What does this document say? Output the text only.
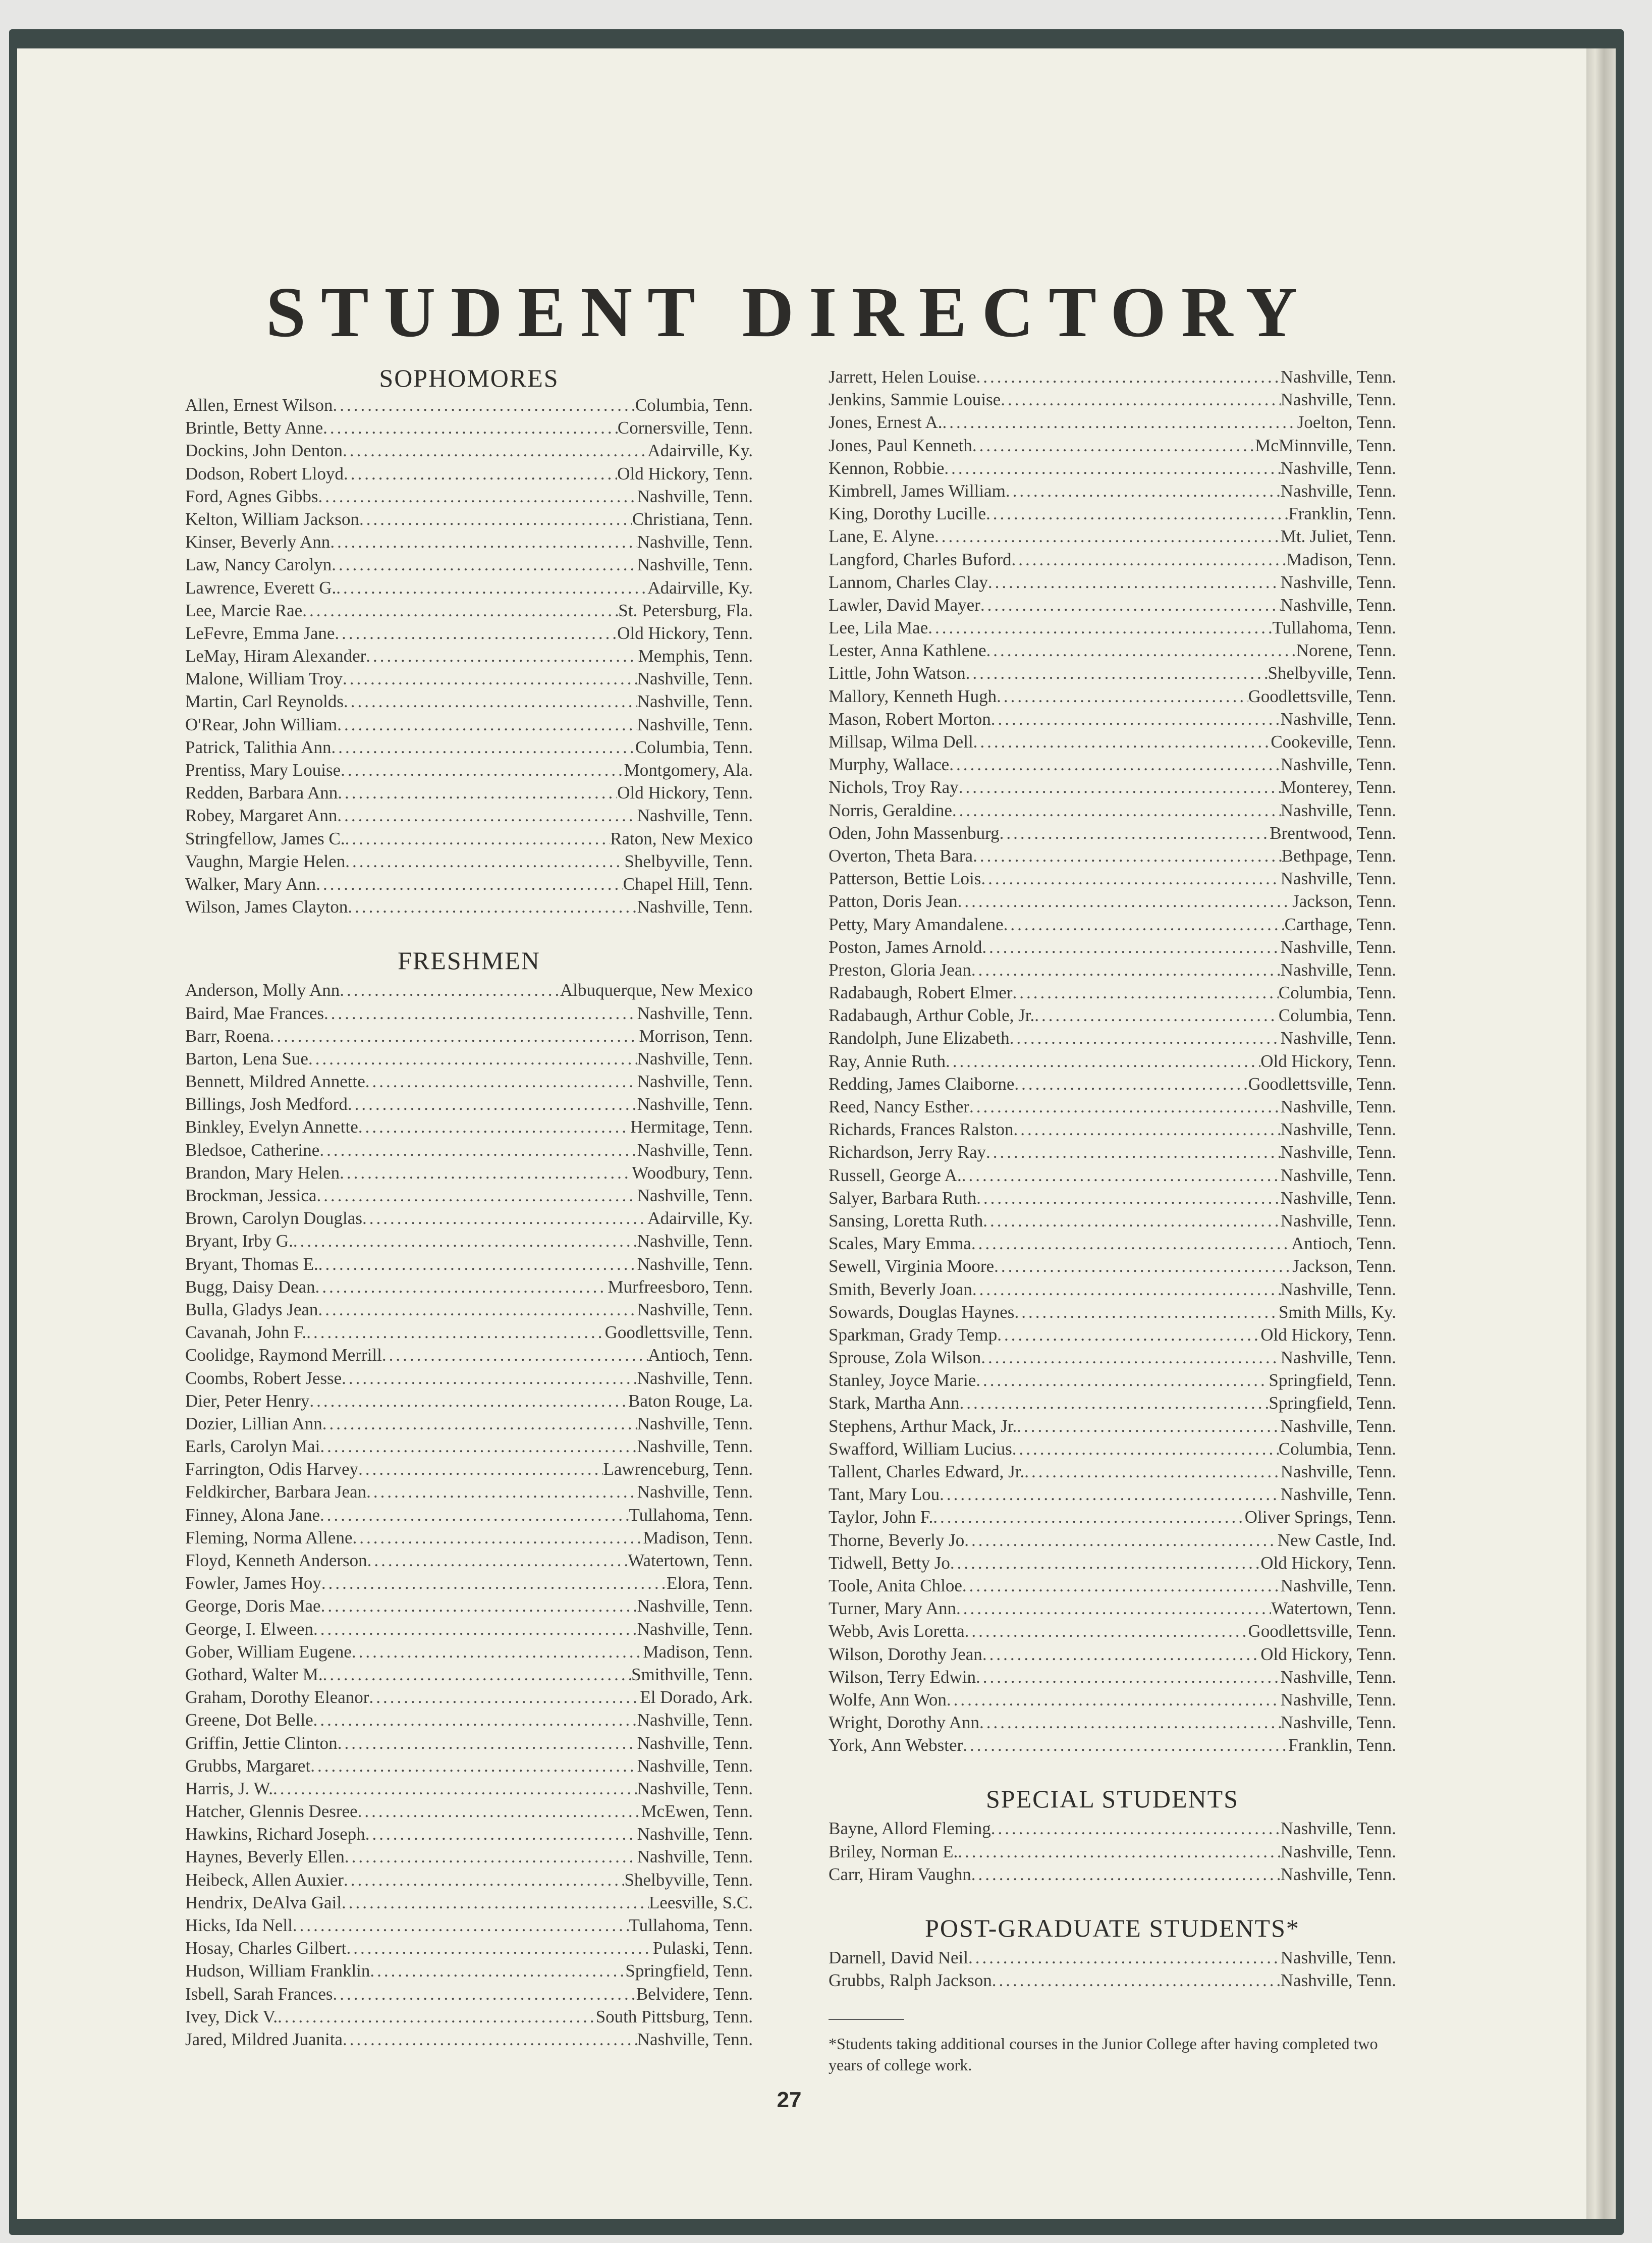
STUDENT DIRECTORY
SOPHOMORES
Allen, Ernest Wilson .....	Columbia, Tenn.
Brintle, Betty Anne .....	Cornersville, Tenn.
Dockins, John Denton .....	Adairville, Ky.
Dodson, Robert Lloyd .....	Old Hickory, Tenn.
Ford, Agnes Gibbs .....	Nashville, Tenn.
Kelton, William Jackson .....	Christiana, Tenn.
Kinser, Beverly Ann .....	Nashville, Tenn.
Law, Nancy Carolyn .....	Nashville, Tenn.
Lawrence, Everett G. .....	Adairville, Ky.
Lee, Marcie Rae .....	St. Petersburg, Fla.
LeFevre, Emma Jane .....	Old Hickory, Tenn.
LeMay, Hiram Alexander .....	Memphis, Tenn.
Malone, William Troy .....	Nashville, Tenn.
Martin, Carl Reynolds .....	Nashville, Tenn.
O'Rear, John William .....	Nashville, Tenn.
Patrick, Talithia Ann .....	Columbia, Tenn.
Prentiss, Mary Louise .....	Montgomery, Ala.
Redden, Barbara Ann .....	Old Hickory, Tenn.
Robey, Margaret Ann .....	Nashville, Tenn.
Stringfellow, James C. .....	Raton, New Mexico
Vaughn, Margie Helen .....	Shelbyville, Tenn.
Walker, Mary Ann .....	Chapel Hill, Tenn.
Wilson, James Clayton .....	Nashville, Tenn.
FRESHMEN
Anderson, Molly Ann .....	Albuquerque, New Mexico
Baird, Mae Frances .....	Nashville, Tenn.
Barr, Roena .....	Morrison, Tenn.
Barton, Lena Sue .....	Nashville, Tenn.
Bennett, Mildred Annette .....	Nashville, Tenn.
Billings, Josh Medford .....	Nashville, Tenn.
Binkley, Evelyn Annette .....	Hermitage, Tenn.
Bledsoe, Catherine .....	Nashville, Tenn.
Brandon, Mary Helen .....	Woodbury, Tenn.
Brockman, Jessica .....	Nashville, Tenn.
Brown, Carolyn Douglas .....	Adairville, Ky.
Bryant, Irby G. .....	Nashville, Tenn.
Bryant, Thomas E. .....	Nashville, Tenn.
Bugg, Daisy Dean .....	Murfreesboro, Tenn.
Bulla, Gladys Jean .....	Nashville, Tenn.
Cavanah, John F. .....	Goodlettsville, Tenn.
Coolidge, Raymond Merrill .....	Antioch, Tenn.
Coombs, Robert Jesse .....	Nashville, Tenn.
Dier, Peter Henry .....	Baton Rouge, La.
Dozier, Lillian Ann .....	Nashville, Tenn.
Earls, Carolyn Mai .....	Nashville, Tenn.
Farrington, Odis Harvey .....	Lawrenceburg, Tenn.
Feldkircher, Barbara Jean .....	Nashville, Tenn.
Finney, Alona Jane .....	Tullahoma, Tenn.
Fleming, Norma Allene .....	Madison, Tenn.
Floyd, Kenneth Anderson .....	Watertown, Tenn.
Fowler, James Hoy .....	Elora, Tenn.
George, Doris Mae .....	Nashville, Tenn.
George, I. Elween .....	Nashville, Tenn.
Gober, William Eugene .....	Madison, Tenn.
Gothard, Walter M. .....	Smithville, Tenn.
Graham, Dorothy Eleanor .....	El Dorado, Ark.
Greene, Dot Belle .....	Nashville, Tenn.
Griffin, Jettie Clinton .....	Nashville, Tenn.
Grubbs, Margaret .....	Nashville, Tenn.
Harris, J. W. .....	Nashville, Tenn.
Hatcher, Glennis Desree .....	McEwen, Tenn.
Hawkins, Richard Joseph .....	Nashville, Tenn.
Haynes, Beverly Ellen .....	Nashville, Tenn.
Heibeck, Allen Auxier .....	Shelbyville, Tenn.
Hendrix, DeAlva Gail .....	Leesville, S.C.
Hicks, Ida Nell .....	Tullahoma, Tenn.
Hosay, Charles Gilbert .....	Pulaski, Tenn.
Hudson, William Franklin .....	Springfield, Tenn.
Isbell, Sarah Frances .....	Belvidere, Tenn.
Ivey, Dick V. .....	South Pittsburg, Tenn.
Jared, Mildred Juanita .....	Nashville, Tenn.
Jarrett, Helen Louise .....	Nashville, Tenn.
Jenkins, Sammie Louise .....	Nashville, Tenn.
Jones, Ernest A. .....	Joelton, Tenn.
Jones, Paul Kenneth .....	McMinnville, Tenn.
Kennon, Robbie .....	Nashville, Tenn.
Kimbrell, James William .....	Nashville, Tenn.
King, Dorothy Lucille .....	Franklin, Tenn.
Lane, E. Alyne .....	Mt. Juliet, Tenn.
Langford, Charles Buford .....	Madison, Tenn.
Lannom, Charles Clay .....	Nashville, Tenn.
Lawler, David Mayer .....	Nashville, Tenn.
Lee, Lila Mae .....	Tullahoma, Tenn.
Lester, Anna Kathlene .....	Norene, Tenn.
Little, John Watson .....	Shelbyville, Tenn.
Mallory, Kenneth Hugh .....	Goodlettsville, Tenn.
Mason, Robert Morton .....	Nashville, Tenn.
Millsap, Wilma Dell .....	Cookeville, Tenn.
Murphy, Wallace .....	Nashville, Tenn.
Nichols, Troy Ray .....	Monterey, Tenn.
Norris, Geraldine .....	Nashville, Tenn.
Oden, John Massenburg .....	Brentwood, Tenn.
Overton, Theta Bara .....	Bethpage, Tenn.
Patterson, Bettie Lois .....	Nashville, Tenn.
Patton, Doris Jean .....	Jackson, Tenn.
Petty, Mary Amandalene .....	Carthage, Tenn.
Poston, James Arnold .....	Nashville, Tenn.
Preston, Gloria Jean .....	Nashville, Tenn.
Radabaugh, Robert Elmer .....	Columbia, Tenn.
Radabaugh, Arthur Coble, Jr. .....	Columbia, Tenn.
Randolph, June Elizabeth .....	Nashville, Tenn.
Ray, Annie Ruth .....	Old Hickory, Tenn.
Redding, James Claiborne .....	Goodlettsville, Tenn.
Reed, Nancy Esther .....	Nashville, Tenn.
Richards, Frances Ralston .....	Nashville, Tenn.
Richardson, Jerry Ray .....	Nashville, Tenn.
Russell, George A. .....	Nashville, Tenn.
Salyer, Barbara Ruth .....	Nashville, Tenn.
Sansing, Loretta Ruth .....	Nashville, Tenn.
Scales, Mary Emma .....	Antioch, Tenn.
Sewell, Virginia Moore .....	Jackson, Tenn.
Smith, Beverly Joan .....	Nashville, Tenn.
Sowards, Douglas Haynes .....	Smith Mills, Ky.
Sparkman, Grady Temp .....	Old Hickory, Tenn.
Sprouse, Zola Wilson .....	Nashville, Tenn.
Stanley, Joyce Marie .....	Springfield, Tenn.
Stark, Martha Ann .....	Springfield, Tenn.
Stephens, Arthur Mack, Jr. .....	Nashville, Tenn.
Swafford, William Lucius .....	Columbia, Tenn.
Tallent, Charles Edward, Jr. .....	Nashville, Tenn.
Tant, Mary Lou .....	Nashville, Tenn.
Taylor, John F. .....	Oliver Springs, Tenn.
Thorne, Beverly Jo .....	New Castle, Ind.
Tidwell, Betty Jo .....	Old Hickory, Tenn.
Toole, Anita Chloe .....	Nashville, Tenn.
Turner, Mary Ann .....	Watertown, Tenn.
Webb, Avis Loretta .....	Goodlettsville, Tenn.
Wilson, Dorothy Jean .....	Old Hickory, Tenn.
Wilson, Terry Edwin .....	Nashville, Tenn.
Wolfe, Ann Won .....	Nashville, Tenn.
Wright, Dorothy Ann .....	Nashville, Tenn.
York, Ann Webster .....	Franklin, Tenn.
SPECIAL STUDENTS
Bayne, Allord Fleming .....	Nashville, Tenn.
Briley, Norman E. .....	Nashville, Tenn.
Carr, Hiram Vaughn .....	Nashville, Tenn.
POST-GRADUATE STUDENTS*
Darnell, David Neil .....	Nashville, Tenn.
Grubbs, Ralph Jackson .....	Nashville, Tenn.
*Students taking additional courses in the Junior College after having completed two years of college work.
27
